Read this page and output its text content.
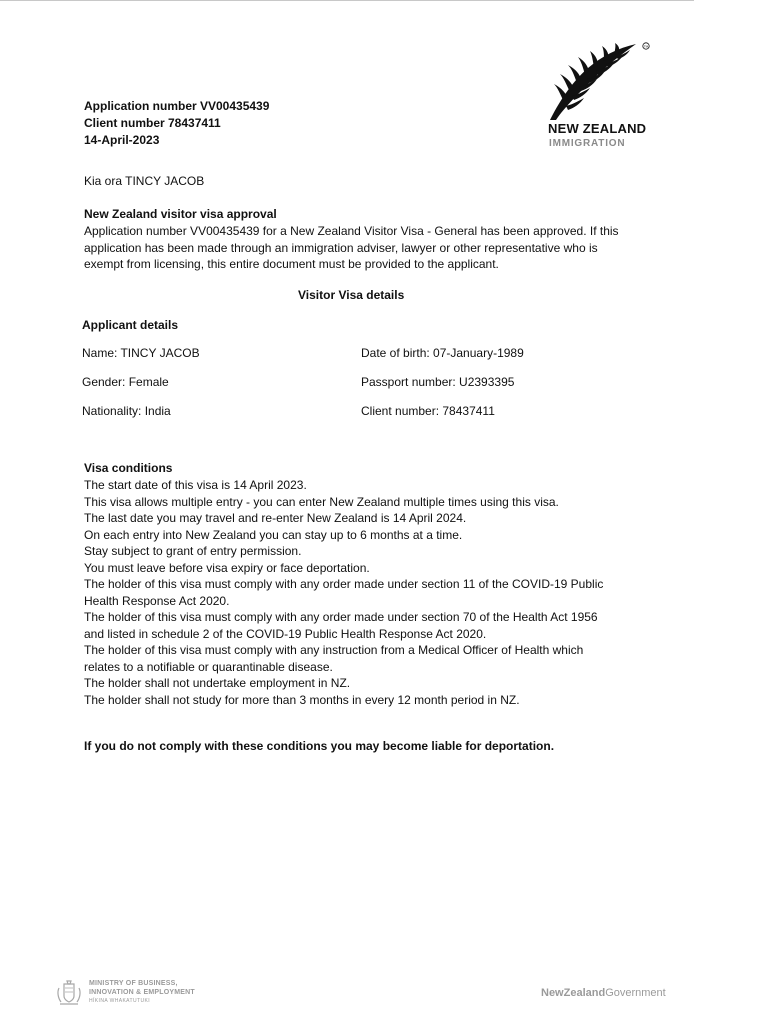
Application number VV00435439
Client number 78437411
14-April-2023
TM
NEW ZEALAND
IMMIGRATION
Kia ora TINCY JACOB
New Zealand visitor visa approval
Application number VV00435439 for a New Zealand Visitor Visa - General has been approved. If this
application has been made through an immigration adviser, lawyer or other representative who is
exempt from licensing, this entire document must be provided to the applicant.
Visitor Visa details
Applicant details
Name: TINCY JACOB	Date of birth: 07-January-1989
Gender: Female	Passport number: U2393395
Nationality: India	Client number: 78437411
Visa conditions
The start date of this visa is 14 April 2023.
This visa allows multiple entry - you can enter New Zealand multiple times using this visa.
The last date you may travel and re-enter New Zealand is 14 April 2024.
On each entry into New Zealand you can stay up to 6 months at a time.
Stay subject to grant of entry permission.
You must leave before visa expiry or face deportation.
The holder of this visa must comply with any order made under section 11 of the COVID-19 Public
Health Response Act 2020.
The holder of this visa must comply with any order made under section 70 of the Health Act 1956
and listed in schedule 2 of the COVID-19 Public Health Response Act 2020.
The holder of this visa must comply with any instruction from a Medical Officer of Health which
relates to a notifiable or quarantinable disease.
The holder shall not undertake employment in NZ.
The holder shall not study for more than 3 months in every 12 month period in NZ.
If you do not comply with these conditions you may become liable for deportation.
MINISTRY OF BUSINESS,
INNOVATION & EMPLOYMENT
HĪKINA WHAKATUTUKI
NewZealandGovernment
